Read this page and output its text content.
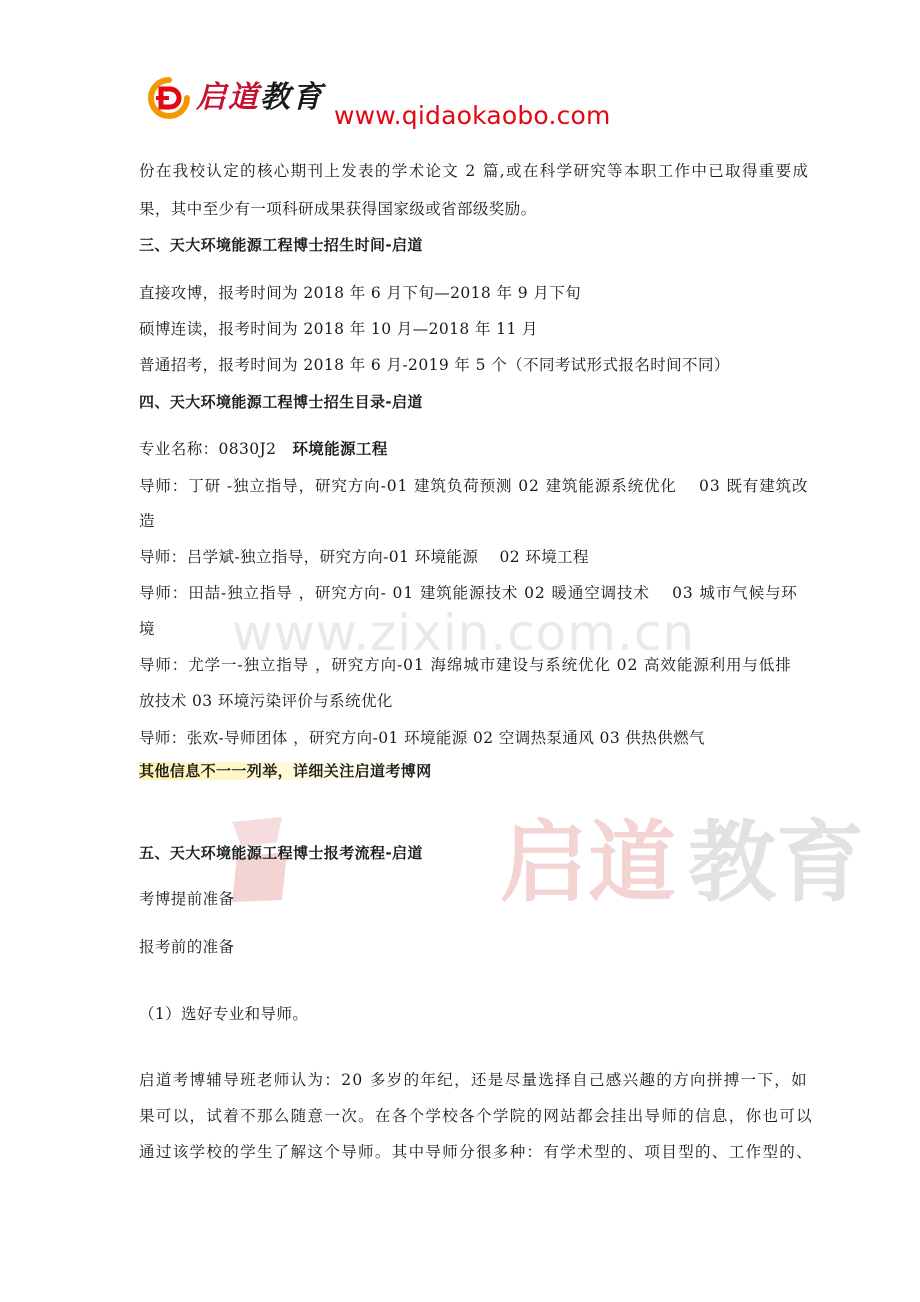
启道教育
www.qidaokaobo.com
www.zixin.com.cn
启道 教育
份在我校认定的核心期刊上发表的学术论文 2 篇,或在科学研究等本职工作中已取得重要成
果，其中至少有一项科研成果获得国家级或省部级奖励。
三、天大环境能源工程博士招生时间-启道
直接攻博，报考时间为 2018 年 6 月下旬—2018 年 9 月下旬
硕博连读，报考时间为 2018 年 10 月—2018 年 11 月
普通招考，报考时间为 2018 年 6 月-2019 年 5 个（不同考试形式报名时间不同）
四、天大环境能源工程博士招生目录-启道
专业名称：0830J2　环境能源工程
导师：丁研 -独立指导，研究方向-01 建筑负荷预测 02 建筑能源系统优化　 03 既有建筑改
造
导师：吕学斌-独立指导，研究方向-01 环境能源　 02 环境工程
导师：田喆-独立指导 ，研究方向- 01 建筑能源技术 02 暖通空调技术　 03 城市气候与环
境
导师：尤学一-独立指导 ，研究方向-01 海绵城市建设与系统优化 02 高效能源利用与低排
放技术 03 环境污染评价与系统优化
导师：张欢-导师团体 ，研究方向-01 环境能源 02 空调热泵通风 03 供热供燃气
其他信息不一一列举，详细关注启道考博网
五、天大环境能源工程博士报考流程-启道
考博提前准备
报考前的准备
（1）选好专业和导师。
启道考博辅导班老师认为：20 多岁的年纪，还是尽量选择自己感兴趣的方向拼搏一下，如
果可以，试着不那么随意一次。在各个学校各个学院的网站都会挂出导师的信息，你也可以
通过该学校的学生了解这个导师。其中导师分很多种：有学术型的、项目型的、工作型的、
